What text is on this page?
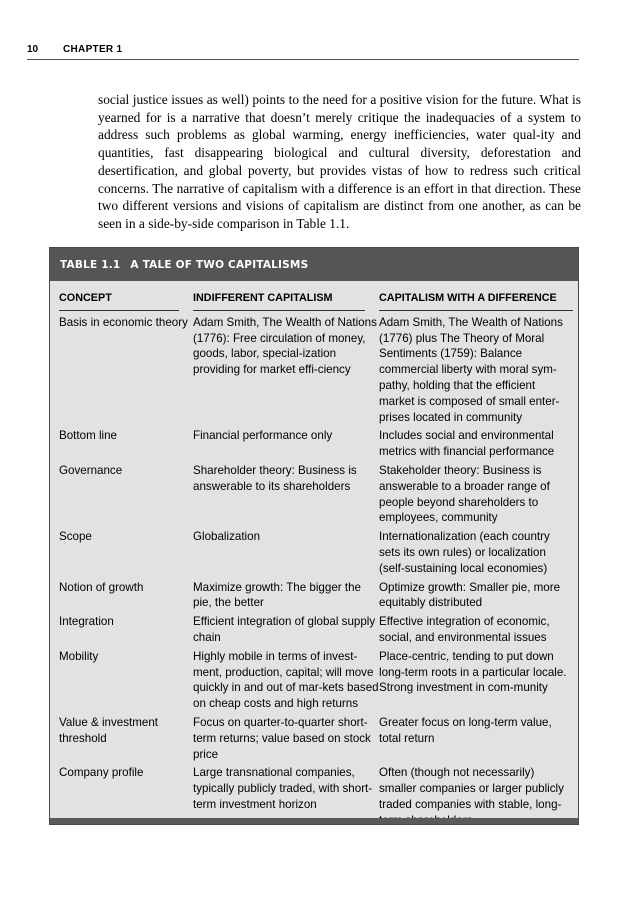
10 CHAPTER 1

social justice issues as well) points to the need for a positive vision for the future. What is yearned for is a narrative that doesn’t merely critique the inadequacies of a system to address such problems as global warming, energy inefficiencies, water qual-ity and quantities, fast disappearing biological and cultural diversity, deforestation and desertification, and global poverty, but provides vistas of how to redress such critical concerns. The narrative of capitalism with a difference is an effort in that direction. These two different versions and visions of capitalism are distinct from one another, as can be seen in a side-by-side comparison in Table 1.1.

TABLE 1.1 A TALE OF TWO CAPITALISMS
CONCEPT	INDIFFERENT CAPITALISM	CAPITALISM WITH A DIFFERENCE

Basis in economic theory	Adam Smith, The Wealth of Nations (1776): Free circulation of money, goods, labor, special-ization providing for market effi-ciency	Adam Smith, The Wealth of Nations (1776) plus The Theory of Moral Sentiments (1759): Balance commercial liberty with moral sym-pathy, holding that the efficient market is composed of small enter-prises located in community
Bottom line	Financial performance only	Includes social and environmental metrics with financial performance
Governance	Shareholder theory: Business is answerable to its shareholders	Stakeholder theory: Business is answerable to a broader range of people beyond shareholders to employees, community
Scope	Globalization	Internationalization (each country sets its own rules) or localization (self-sustaining local economies)
Notion of growth	Maximize growth: The bigger the pie, the better	Optimize growth: Smaller pie, more equitably distributed
Integration	Efficient integration of global supply chain	Effective integration of economic, social, and environmental issues
Mobility	Highly mobile in terms of invest-ment, production, capital; will move quickly in and out of mar-kets based on cheap costs and high returns	Place-centric, tending to put down long-term roots in a particular locale. Strong investment in com-munity
Value & investment threshold	Focus on quarter-to-quarter short-term returns; value based on stock price	Greater focus on long-term value, total return
Company profile	Large transnational companies, typically publicly traded, with short-term investment horizon	Often (though not necessarily) smaller companies or larger publicly traded companies with stable, long-
